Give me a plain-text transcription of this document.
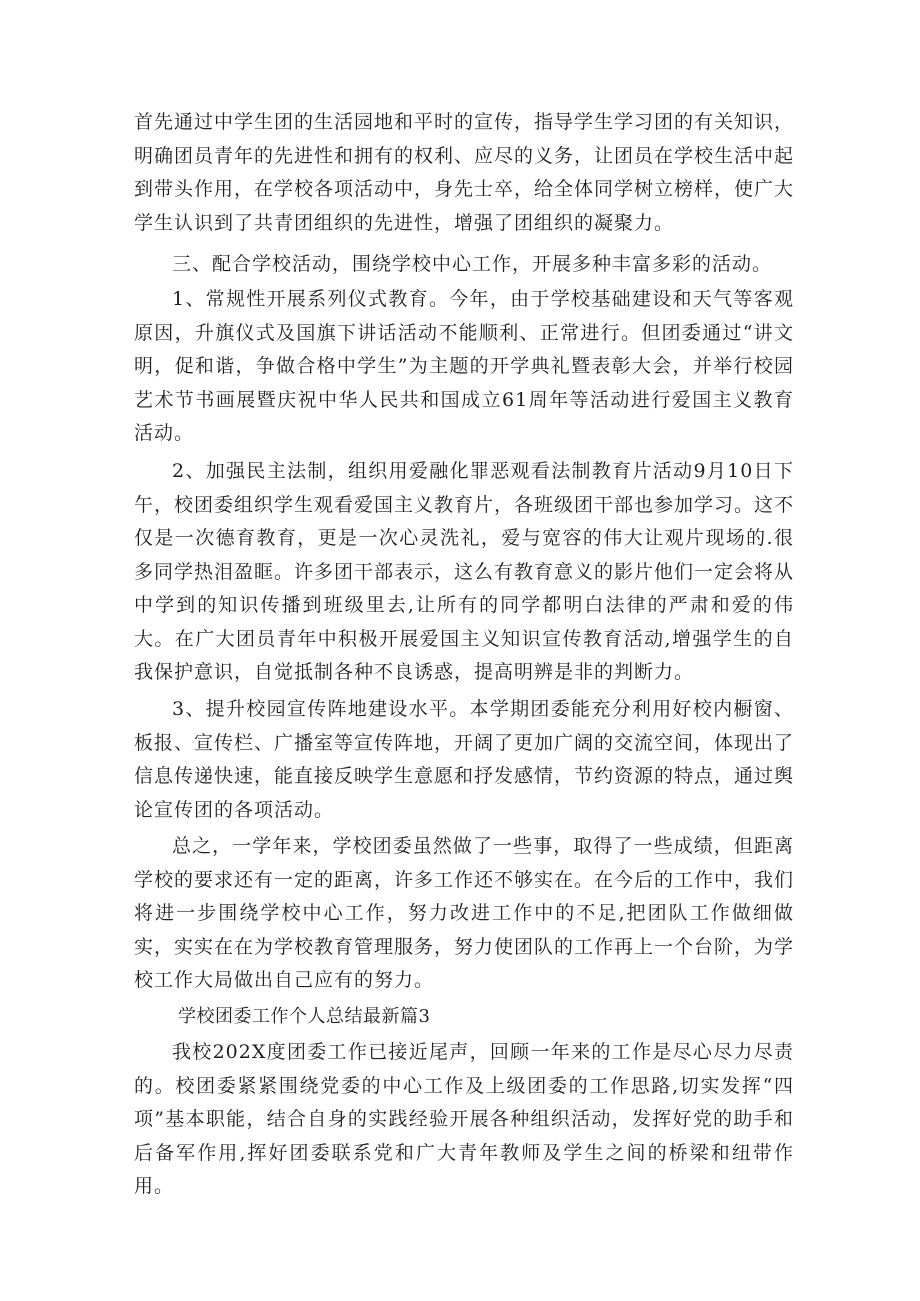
首先通过中学生团的生活园地和平时的宣传，指导学生学习团的有关知识，明确团员青年的先进性和拥有的权利、应尽的义务，让团员在学校生活中起到带头作用，在学校各项活动中，身先士卒，给全体同学树立榜样，使广大学生认识到了共青团组织的先进性，增强了团组织的凝聚力。

三、配合学校活动，围绕学校中心工作，开展多种丰富多彩的活动。

1、常规性开展系列仪式教育。今年，由于学校基础建设和天气等客观原因，升旗仪式及国旗下讲话活动不能顺利、正常进行。但团委通过“讲文明，促和谐，争做合格中学生”为主题的开学典礼暨表彰大会，并举行校园艺术节书画展暨庆祝中华人民共和国成立61周年等活动进行爱国主义教育活动。

2、加强民主法制，组织用爱融化罪恶观看法制教育片活动9月10日下午，校团委组织学生观看爱国主义教育片，各班级团干部也参加学习。这不仅是一次德育教育，更是一次心灵洗礼，爱与宽容的伟大让观片现场的.很多同学热泪盈眶。许多团干部表示，这么有教育意义的影片他们一定会将从中学到的知识传播到班级里去,让所有的同学都明白法律的严肃和爱的伟大。在广大团员青年中积极开展爱国主义知识宣传教育活动,增强学生的自我保护意识，自觉抵制各种不良诱惑，提高明辨是非的判断力。

3、提升校园宣传阵地建设水平。本学期团委能充分利用好校内橱窗、板报、宣传栏、广播室等宣传阵地，开阔了更加广阔的交流空间，体现出了信息传递快速，能直接反映学生意愿和抒发感情，节约资源的特点，通过舆论宣传团的各项活动。

总之，一学年来，学校团委虽然做了一些事，取得了一些成绩，但距离学校的要求还有一定的距离，许多工作还不够实在。在今后的工作中，我们将进一步围绕学校中心工作，努力改进工作中的不足,把团队工作做细做实，实实在在为学校教育管理服务，努力使团队的工作再上一个台阶，为学校工作大局做出自己应有的努力。

学校团委工作个人总结最新篇3

我校202X度团委工作已接近尾声，回顾一年来的工作是尽心尽力尽责的。校团委紧紧围绕党委的中心工作及上级团委的工作思路,切实发挥“四项”基本职能，结合自身的实践经验开展各种组织活动，发挥好党的助手和后备军作用,挥好团委联系党和广大青年教师及学生之间的桥梁和纽带作用。
